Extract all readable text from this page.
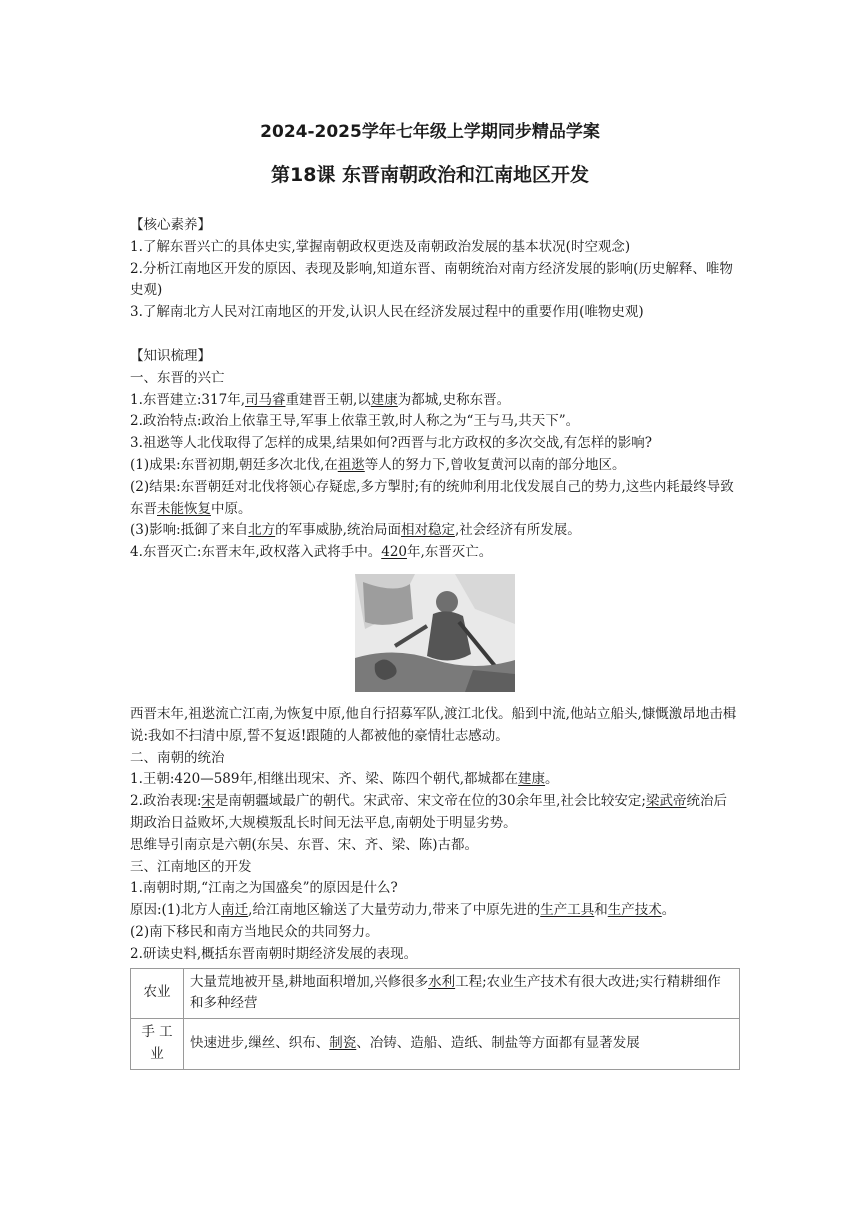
2024-2025学年七年级上学期同步精品学案
第18课 东晋南朝政治和江南地区开发

【核心素养】

1.了解东晋兴亡的具体史实,掌握南朝政权更迭及南朝政治发展的基本状况(时空观念)

2.分析江南地区开发的原因、表现及影响,知道东晋、南朝统治对南方经济发展的影响(历史解释、唯物史观)

3.了解南北方人民对江南地区的开发,认识人民在经济发展过程中的重要作用(唯物史观)

【知识梳理】

一、东晋的兴亡

1.东晋建立:317年,司马睿重建晋王朝,以建康为都城,史称东晋。

2.政治特点:政治上依靠王导,军事上依靠王敦,时人称之为“王与马,共天下”。

3.祖逖等人北伐取得了怎样的成果,结果如何?西晋与北方政权的多次交战,有怎样的影响?

(1)成果:东晋初期,朝廷多次北伐,在祖逖等人的努力下,曾收复黄河以南的部分地区。

(2)结果:东晋朝廷对北伐将领心存疑虑,多方掣肘;有的统帅利用北伐发展自己的势力,这些内耗最终导致东晋未能恢复中原。

(3)影响:抵御了来自北方的军事威胁,统治局面相对稳定,社会经济有所发展。

4.东晋灭亡:东晋末年,政权落入武将手中。420年,东晋灭亡。

西晋末年,祖逖流亡江南,为恢复中原,他自行招募军队,渡江北伐。船到中流,他站立船头,慷慨激昂地击楫说:我如不扫清中原,誓不复返!跟随的人都被他的豪情壮志感动。

二、南朝的统治

1.王朝:420—589年,相继出现宋、齐、梁、陈四个朝代,都城都在建康。

2.政治表现:宋是南朝疆域最广的朝代。宋武帝、宋文帝在位的30余年里,社会比较安定;梁武帝统治后期政治日益败坏,大规模叛乱长时间无法平息,南朝处于明显劣势。

思维导引南京是六朝(东吴、东晋、宋、齐、梁、陈)古都。

三、江南地区的开发

1.南朝时期,“江南之为国盛矣”的原因是什么?

原因:(1)北方人南迁,给江南地区输送了大量劳动力,带来了中原先进的生产工具和生产技术。

(2)南下移民和南方当地民众的共同努力。

2.研读史料,概括东晋南朝时期经济发展的表现。

农业	大量荒地被开垦,耕地面积增加,兴修很多水利工程;农业生产技术有很大改进;实行精耕细作和多种经营
手 工 业	快速进步,缫丝、织布、制瓷、冶铸、造船、造纸、制盐等方面都有显著发展
